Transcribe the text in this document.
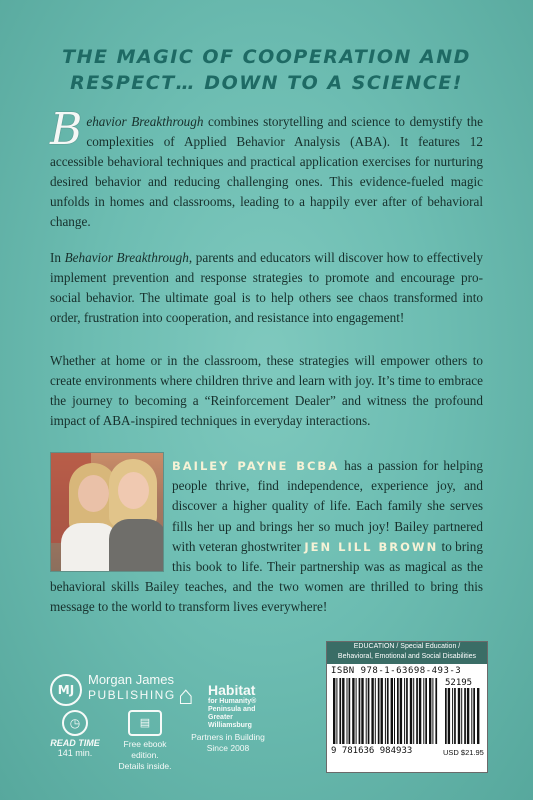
THE MAGIC OF COOPERATION AND
RESPECT… DOWN TO A SCIENCE!
Behavior Breakthrough combines storytelling and science to demystify the complexities of Applied Behavior Analysis (ABA). It features 12 accessible behavioral techniques and practical application exercises for nurturing desired behavior and reducing challenging ones. This evidence-fueled magic unfolds in homes and classrooms, leading to a happily ever after of behavioral change.
In Behavior Breakthrough, parents and educators will discover how to effectively implement prevention and response strategies to promote and encourage pro-social behavior. The ultimate goal is to help others see chaos transformed into order, frustration into cooperation, and resistance into engagement!
Whether at home or in the classroom, these strategies will empower others to create environments where children thrive and learn with joy. It’s time to embrace the journey to becoming a “Reinforcement Dealer” and witness the profound impact of ABA-inspired techniques in everyday interactions.
BAILEY PAYNE BCBA has a passion for helping people thrive, find independence, experience joy, and discover a higher quality of life. Each family she serves fills her up and brings her so much joy! Bailey partnered with veteran ghostwriter JEN LILL BROWN to bring this book to life. Their partnership was as magical as the behavioral skills Bailey teaches, and the two women are thrilled to bring this message to the world to transform lives everywhere!
MJ
Morgan James
PUBLISHING
◷
READ TIME
141 min.
▤
Free ebook edition.
Details inside.
⌂	Habitat
for Humanity® Peninsula and Greater Williamsburg
Partners in Building
Since 2008
EDUCATION / Special Education /
Behavioral, Emotional and Social Disabilities
ISBN 978-1-63698-493-3
52195
9 781636 984933	USD $21.95
